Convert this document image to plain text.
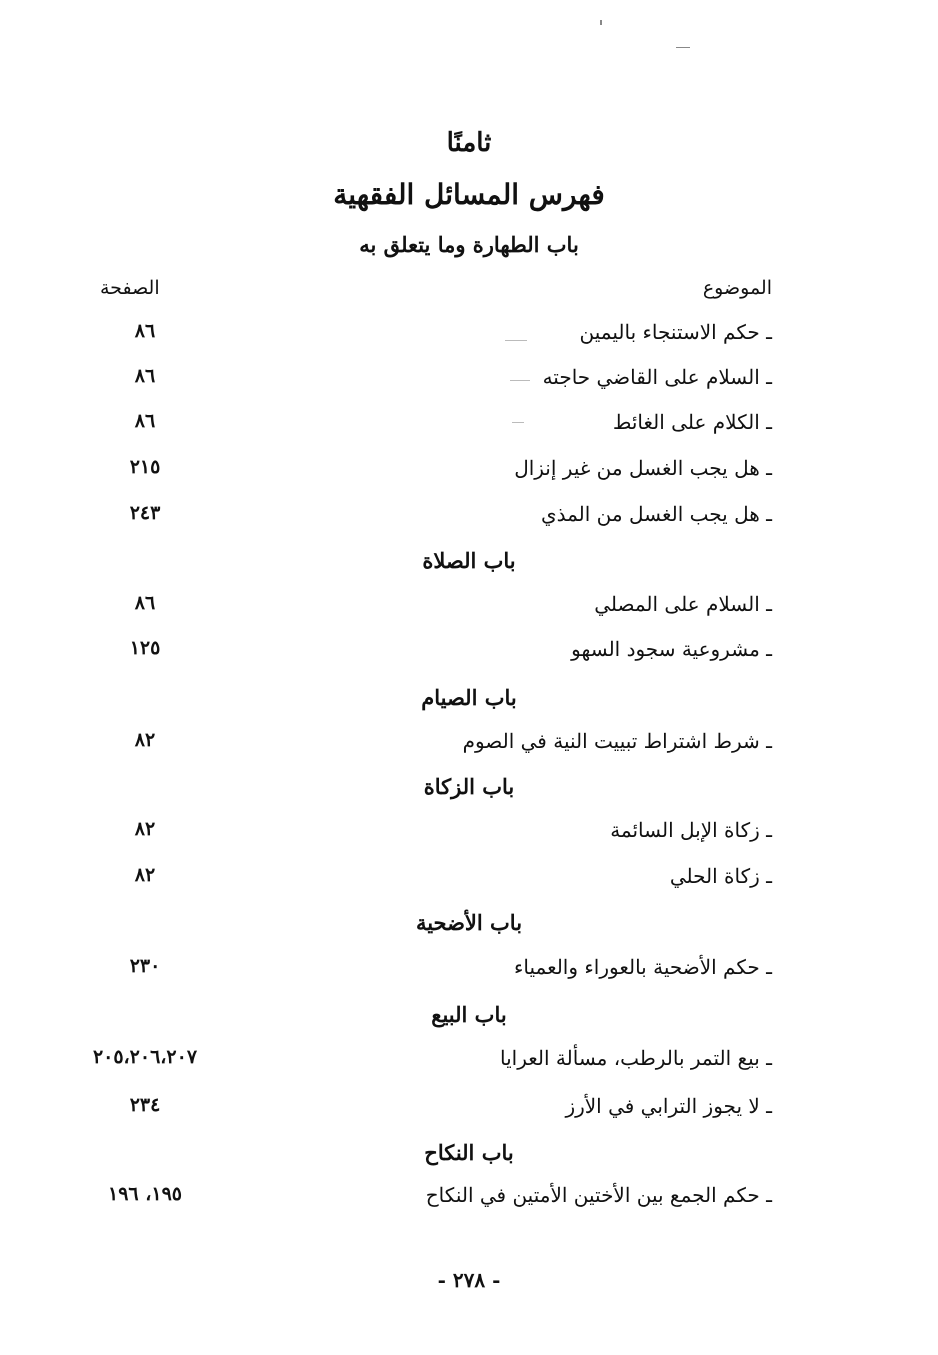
ثامنًا
فهرس المسائل الفقهية
باب الطهارة وما يتعلق به
الموضوع
الصفحة
ـ حكم الاستنجاء باليمين
٨٦
ـ السلام على القاضي حاجته
٨٦
ـ الكلام على الغائط
٨٦
ـ هل يجب الغسل من غير إنزال
٢١٥
ـ هل يجب الغسل من المذي
٢٤٣
باب الصلاة
ـ السلام على المصلي
٨٦
ـ مشروعية سجود السهو
١٢٥
باب الصيام
ـ شرط اشتراط تبييت النية في الصوم
٨٢
باب الزكاة
ـ زكاة الإبل السائمة
٨٢
ـ زكاة الحلي
٨٢
باب الأضحية
ـ حكم الأضحية بالعوراء والعمياء
٢٣٠
باب البيع
ـ بيع التمر بالرطب، مسألة العرايا
٢٠٥،٢٠٦،٢٠٧
ـ لا يجوز الترابي في الأرز
٢٣٤
باب النكاح
ـ حكم الجمع بين الأختين الأمتين في النكاح
١٩٥، ١٩٦
- ٢٧٨ -
